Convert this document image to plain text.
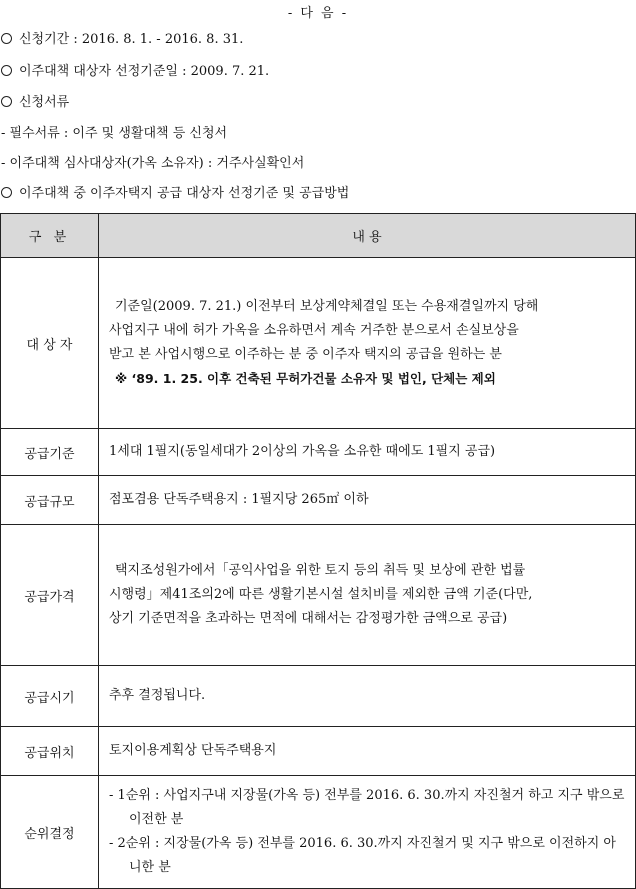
- 다 음 -
신청기간 : 2016. 8. 1. - 2016. 8. 31.
이주대책 대상자 선정기준일 : 2009. 7. 21.
신청서류
- 필수서류 : 이주 및 생활대책 등 신청서
- 이주대책 심사대상자(가옥 소유자) : 거주사실확인서
이주대책 중 이주자택지 공급 대상자 선정기준 및 공급방법
구 분	내 용
대 상 자	기준일(2009. 7. 21.) 이전부터 보상계약체결일 또는 수용재결일까지 당해
사업지구 내에 허가 가옥을 소유하면서 계속 거주한 분으로서 손실보상을
받고 본 사업시행으로 이주하는 분 중 이주자 택지의 공급을 원하는 분
※ ‘89. 1. 25. 이후 건축된 무허가건물 소유자 및 법인, 단체는 제외

공급기준	1세대 1필지(동일세대가 2이상의 가옥을 소유한 때에도 1필지 공급)

공급규모	점포겸용 단독주택용지 : 1필지당 265㎡ 이하

공급가격	택지조성원가에서「공익사업을 위한 토지 등의 취득 및 보상에 관한 법률
시행령」제41조의2에 따른 생활기본시설 설치비를 제외한 금액 기준(다만,
상기 기준면적을 초과하는 면적에 대해서는 감정평가한 금액으로 공급)

공급시기	추후 결정됩니다.

공급위치	토지이용계획상 단독주택용지

순위결정	- 1순위 : 사업지구내 지장물(가옥 등) 전부를 2016. 6. 30.까지 자진철거 하고 지구 밖으로 이전한 분
- 2순위 : 지장물(가옥 등) 전부를 2016. 6. 30.까지 자진철거 및 지구 밖으로 이전하지 아니한 분
